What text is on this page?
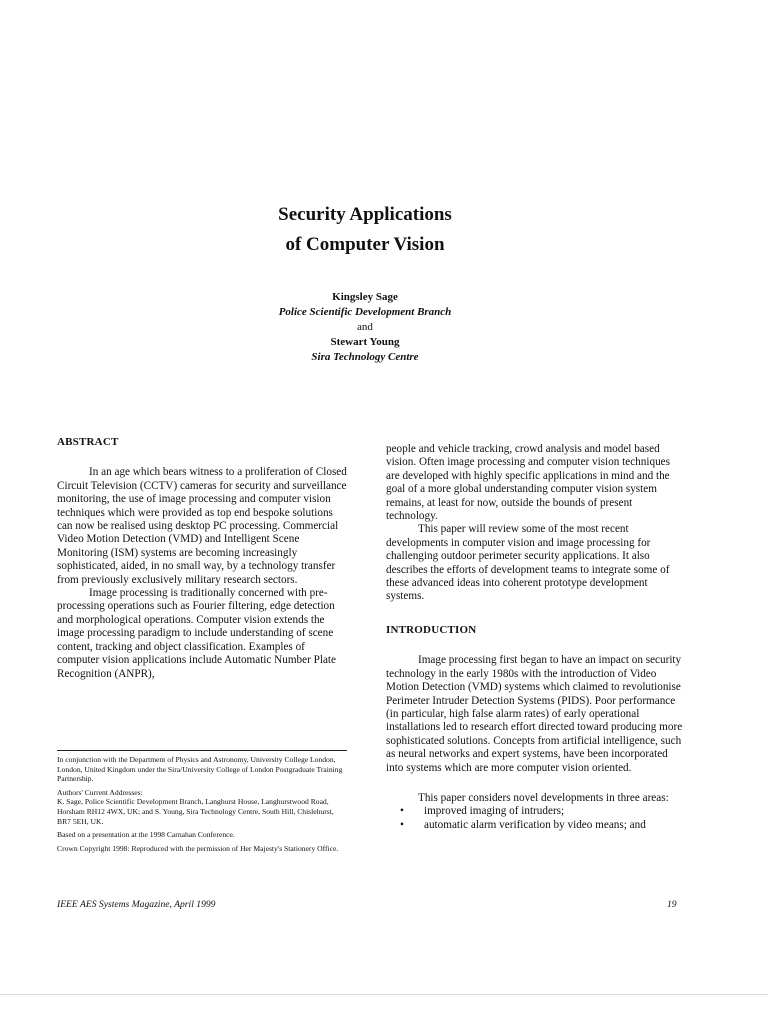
Security Applications
of Computer Vision
Kingsley Sage
Police Scientific Development Branch
and
Stewart Young
Sira Technology Centre
ABSTRACT

In an age which bears witness to a proliferation of Closed Circuit Television (CCTV) cameras for security and surveillance monitoring, the use of image processing and computer vision techniques which were provided as top end bespoke solutions can now be realised using desktop PC processing. Commercial Video Motion Detection (VMD) and Intelligent Scene Monitoring (ISM) systems are becoming increasingly sophisticated, aided, in no small way, by a technology transfer from previously exclusively military research sectors.

Image processing is traditionally concerned with pre-processing operations such as Fourier filtering, edge detection and morphological operations. Computer vision extends the image processing paradigm to include understanding of scene content, tracking and object classification. Examples of computer vision applications include Automatic Number Plate Recognition (ANPR),

In conjunction with the Department of Physics and Astronomy, University College London, London, United Kingdom under the Sira/University College of London Postgraduate Training Partnership.

Authors' Current Addresses:

K. Sage, Police Scientific Development Branch, Langhurst House, Langhurstwood Road, Horsham RH12 4WX, UK; and S. Young, Sira Technology Centre, South Hill, Chislehurst, BR7 5EH, UK.

Based on a presentation at the 1998 Carnahan Conference.

Crown Copyright 1998: Reproduced with the permission of Her Majesty's Stationery Office.

people and vehicle tracking, crowd analysis and model based vision. Often image processing and computer vision techniques are developed with highly specific applications in mind and the goal of a more global understanding computer vision system remains, at least for now, outside the bounds of present technology.

This paper will review some of the most recent developments in computer vision and image processing for challenging outdoor perimeter security applications. It also describes the efforts of development teams to integrate some of these advanced ideas into coherent prototype development systems.

INTRODUCTION

Image processing first began to have an impact on security technology in the early 1980s with the introduction of Video Motion Detection (VMD) systems which claimed to revolutionise Perimeter Intruder Detection Systems (PIDS). Poor performance (in particular, high false alarm rates) of early operational installations led to research effort directed toward producing more sophisticated solutions. Concepts from artificial intelligence, such as neural networks and expert systems, have been incorporated into systems which are more computer vision oriented.

This paper considers novel developments in three areas:

• improved imaging of intruders;
• automatic alarm verification by video means; and
IEEE AES Systems Magazine, April 1999	19
